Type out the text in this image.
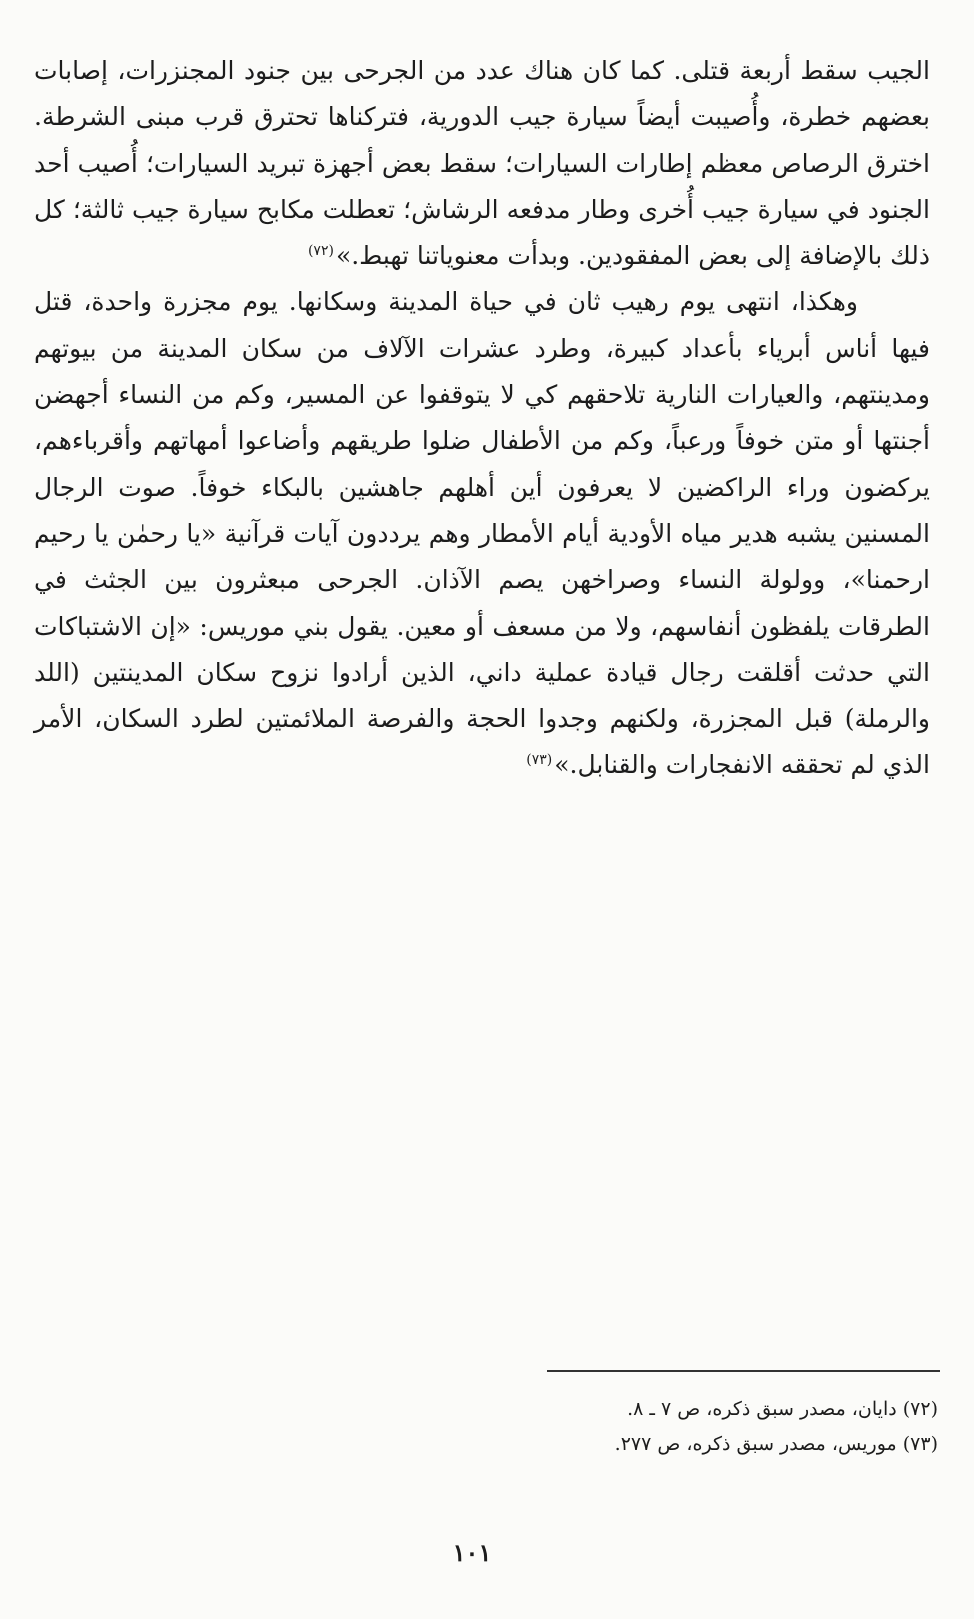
الجيب سقط أربعة قتلى. كما كان هناك عدد من الجرحى بين جنود المجنزرات، إصابات بعضهم خطرة، وأُصيبت أيضاً سيارة جيب الدورية، فتركناها تحترق قرب مبنى الشرطة. اخترق الرصاص معظم إطارات السيارات؛ سقط بعض أجهزة تبريد السيارات؛ أُصيب أحد الجنود في سيارة جيب أُخرى وطار مدفعه الرشاش؛ تعطلت مكابح سيارة جيب ثالثة؛ كل ذلك بالإضافة إلى بعض المفقودين. وبدأت معنوياتنا تهبط.»$^{(٧٢)}$

وهكذا، انتهى يوم رهيب ثان في حياة المدينة وسكانها. يوم مجزرة واحدة، قتل فيها أناس أبرياء بأعداد كبيرة، وطرد عشرات الآلاف من سكان المدينة من بيوتهم ومدينتهم، والعيارات النارية تلاحقهم كي لا يتوقفوا عن المسير، وكم من النساء أجهضن أجنتها أو متن خوفاً ورعباً، وكم من الأطفال ضلوا طريقهم وأضاعوا أمهاتهم وأقرباءهم، يركضون وراء الراكضين لا يعرفون أين أهلهم جاهشين بالبكاء خوفاً. صوت الرجال المسنين يشبه هدير مياه الأودية أيام الأمطار وهم يرددون آيات قرآنية «يا رحمٰن يا رحيم ارحمنا»، وولولة النساء وصراخهن يصم الآذان. الجرحى مبعثرون بين الجثث في الطرقات يلفظون أنفاسهم، ولا من مسعف أو معين. يقول بني موريس: «إن الاشتباكات التي حدثت أقلقت رجال قيادة عملية داني، الذين أرادوا نزوح سكان المدينتين (اللد والرملة) قبل المجزرة، ولكنهم وجدوا الحجة والفرصة الملائمتين لطرد السكان، الأمر الذي لم تحققه الانفجارات والقنابل.»$^{(٧٣)}$

(٧٢) دايان، مصدر سبق ذكره، ص ٧ ـ ٨.

(٧٣) موريس، مصدر سبق ذكره، ص ٢٧٧.

١٠١
